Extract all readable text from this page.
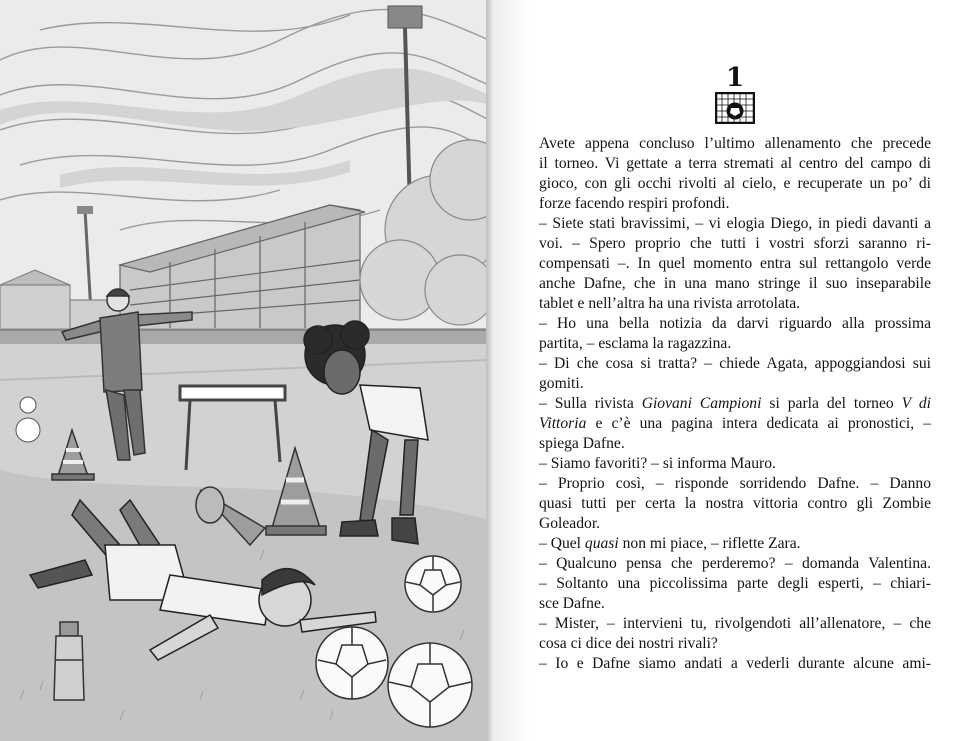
1

Avete appena concluso l’ultimo allenamento che precede

il torneo. Vi gettate a terra stremati al centro del campo di

gioco, con gli occhi rivolti al cielo, e recuperate un po’ di

forze facendo respiri profondi.

– Siete stati bravissimi, – vi elogia Diego, in piedi davanti a

voi. – Spero proprio che tutti i vostri sforzi saranno ri-

compensati –. In quel momento entra sul rettangolo verde

anche Dafne, che in una mano stringe il suo inseparabile

tablet e nell’altra ha una rivista arrotolata.

– Ho una bella notizia da darvi riguardo alla prossima

partita, – esclama la ragazzina.

– Di che cosa si tratta? – chiede Agata, appoggiandosi sui

gomiti.

– Sulla rivista Giovani Campioni si parla del torneo V di

Vittoria e c’è una pagina intera dedicata ai pronostici, –

spiega Dafne.

– Siamo favoriti? – si informa Mauro.

– Proprio così, – risponde sorridendo Dafne. – Danno

quasi tutti per certa la nostra vittoria contro gli Zombie

Goleador.

– Quel quasi non mi piace, – riflette Zara.

– Qualcuno pensa che perderemo? – domanda Valentina.

– Soltanto una piccolissima parte degli esperti, – chiari-

sce Dafne.

– Mister, – intervieni tu, rivolgendoti all’allenatore, – che

cosa ci dice dei nostri rivali?

– Io e Dafne siamo andati a vederli durante alcune ami-
